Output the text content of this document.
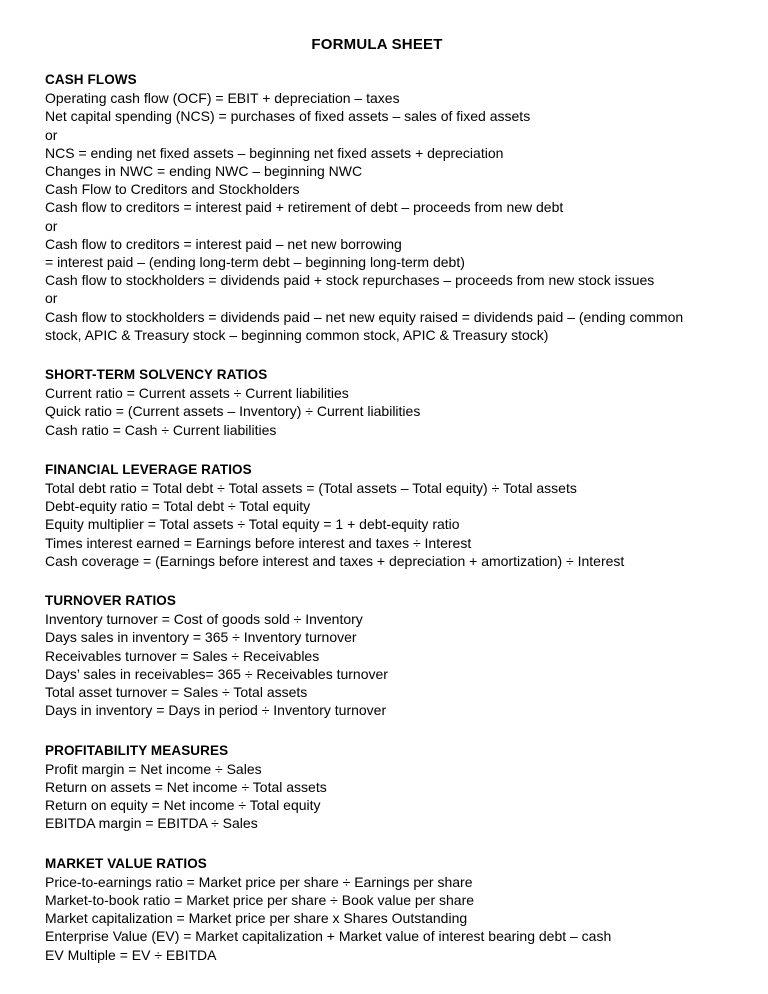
FORMULA SHEET
CASH FLOWS
Operating cash flow (OCF) = EBIT + depreciation – taxes
Net capital spending (NCS) = purchases of fixed assets – sales of fixed assets
or
NCS = ending net fixed assets – beginning net fixed assets + depreciation
Changes in NWC = ending NWC – beginning NWC
Cash Flow to Creditors and Stockholders
Cash flow to creditors = interest paid + retirement of debt – proceeds from new debt
or
Cash flow to creditors = interest paid – net new borrowing
= interest paid – (ending long-term debt – beginning long-term debt)
Cash flow to stockholders = dividends paid + stock repurchases – proceeds from new stock issues
or
Cash flow to stockholders = dividends paid – net new equity raised = dividends paid – (ending common stock, APIC & Treasury stock – beginning common stock, APIC & Treasury stock)
SHORT-TERM SOLVENCY RATIOS
Current ratio = Current assets ÷ Current liabilities
Quick ratio = (Current assets – Inventory) ÷ Current liabilities
Cash ratio = Cash ÷ Current liabilities
FINANCIAL LEVERAGE RATIOS
Total debt ratio = Total debt ÷ Total assets = (Total assets – Total equity) ÷ Total assets
Debt-equity ratio = Total debt ÷ Total equity
Equity multiplier = Total assets ÷ Total equity = 1 + debt-equity ratio
Times interest earned = Earnings before interest and taxes ÷ Interest
Cash coverage = (Earnings before interest and taxes + depreciation + amortization) ÷ Interest
TURNOVER RATIOS
Inventory turnover = Cost of goods sold ÷ Inventory
Days sales in inventory = 365 ÷ Inventory turnover
Receivables turnover = Sales ÷ Receivables
Days’ sales in receivables= 365 ÷ Receivables turnover
Total asset turnover = Sales ÷ Total assets
Days in inventory = Days in period ÷ Inventory turnover
PROFITABILITY MEASURES
Profit margin = Net income ÷ Sales
Return on assets = Net income ÷ Total assets
Return on equity = Net income ÷ Total equity
EBITDA margin = EBITDA ÷ Sales
MARKET VALUE RATIOS
Price-to-earnings ratio = Market price per share ÷ Earnings per share
Market-to-book ratio = Market price per share ÷ Book value per share
Market capitalization = Market price per share x Shares Outstanding
Enterprise Value (EV) = Market capitalization + Market value of interest bearing debt – cash
EV Multiple = EV ÷ EBITDA
